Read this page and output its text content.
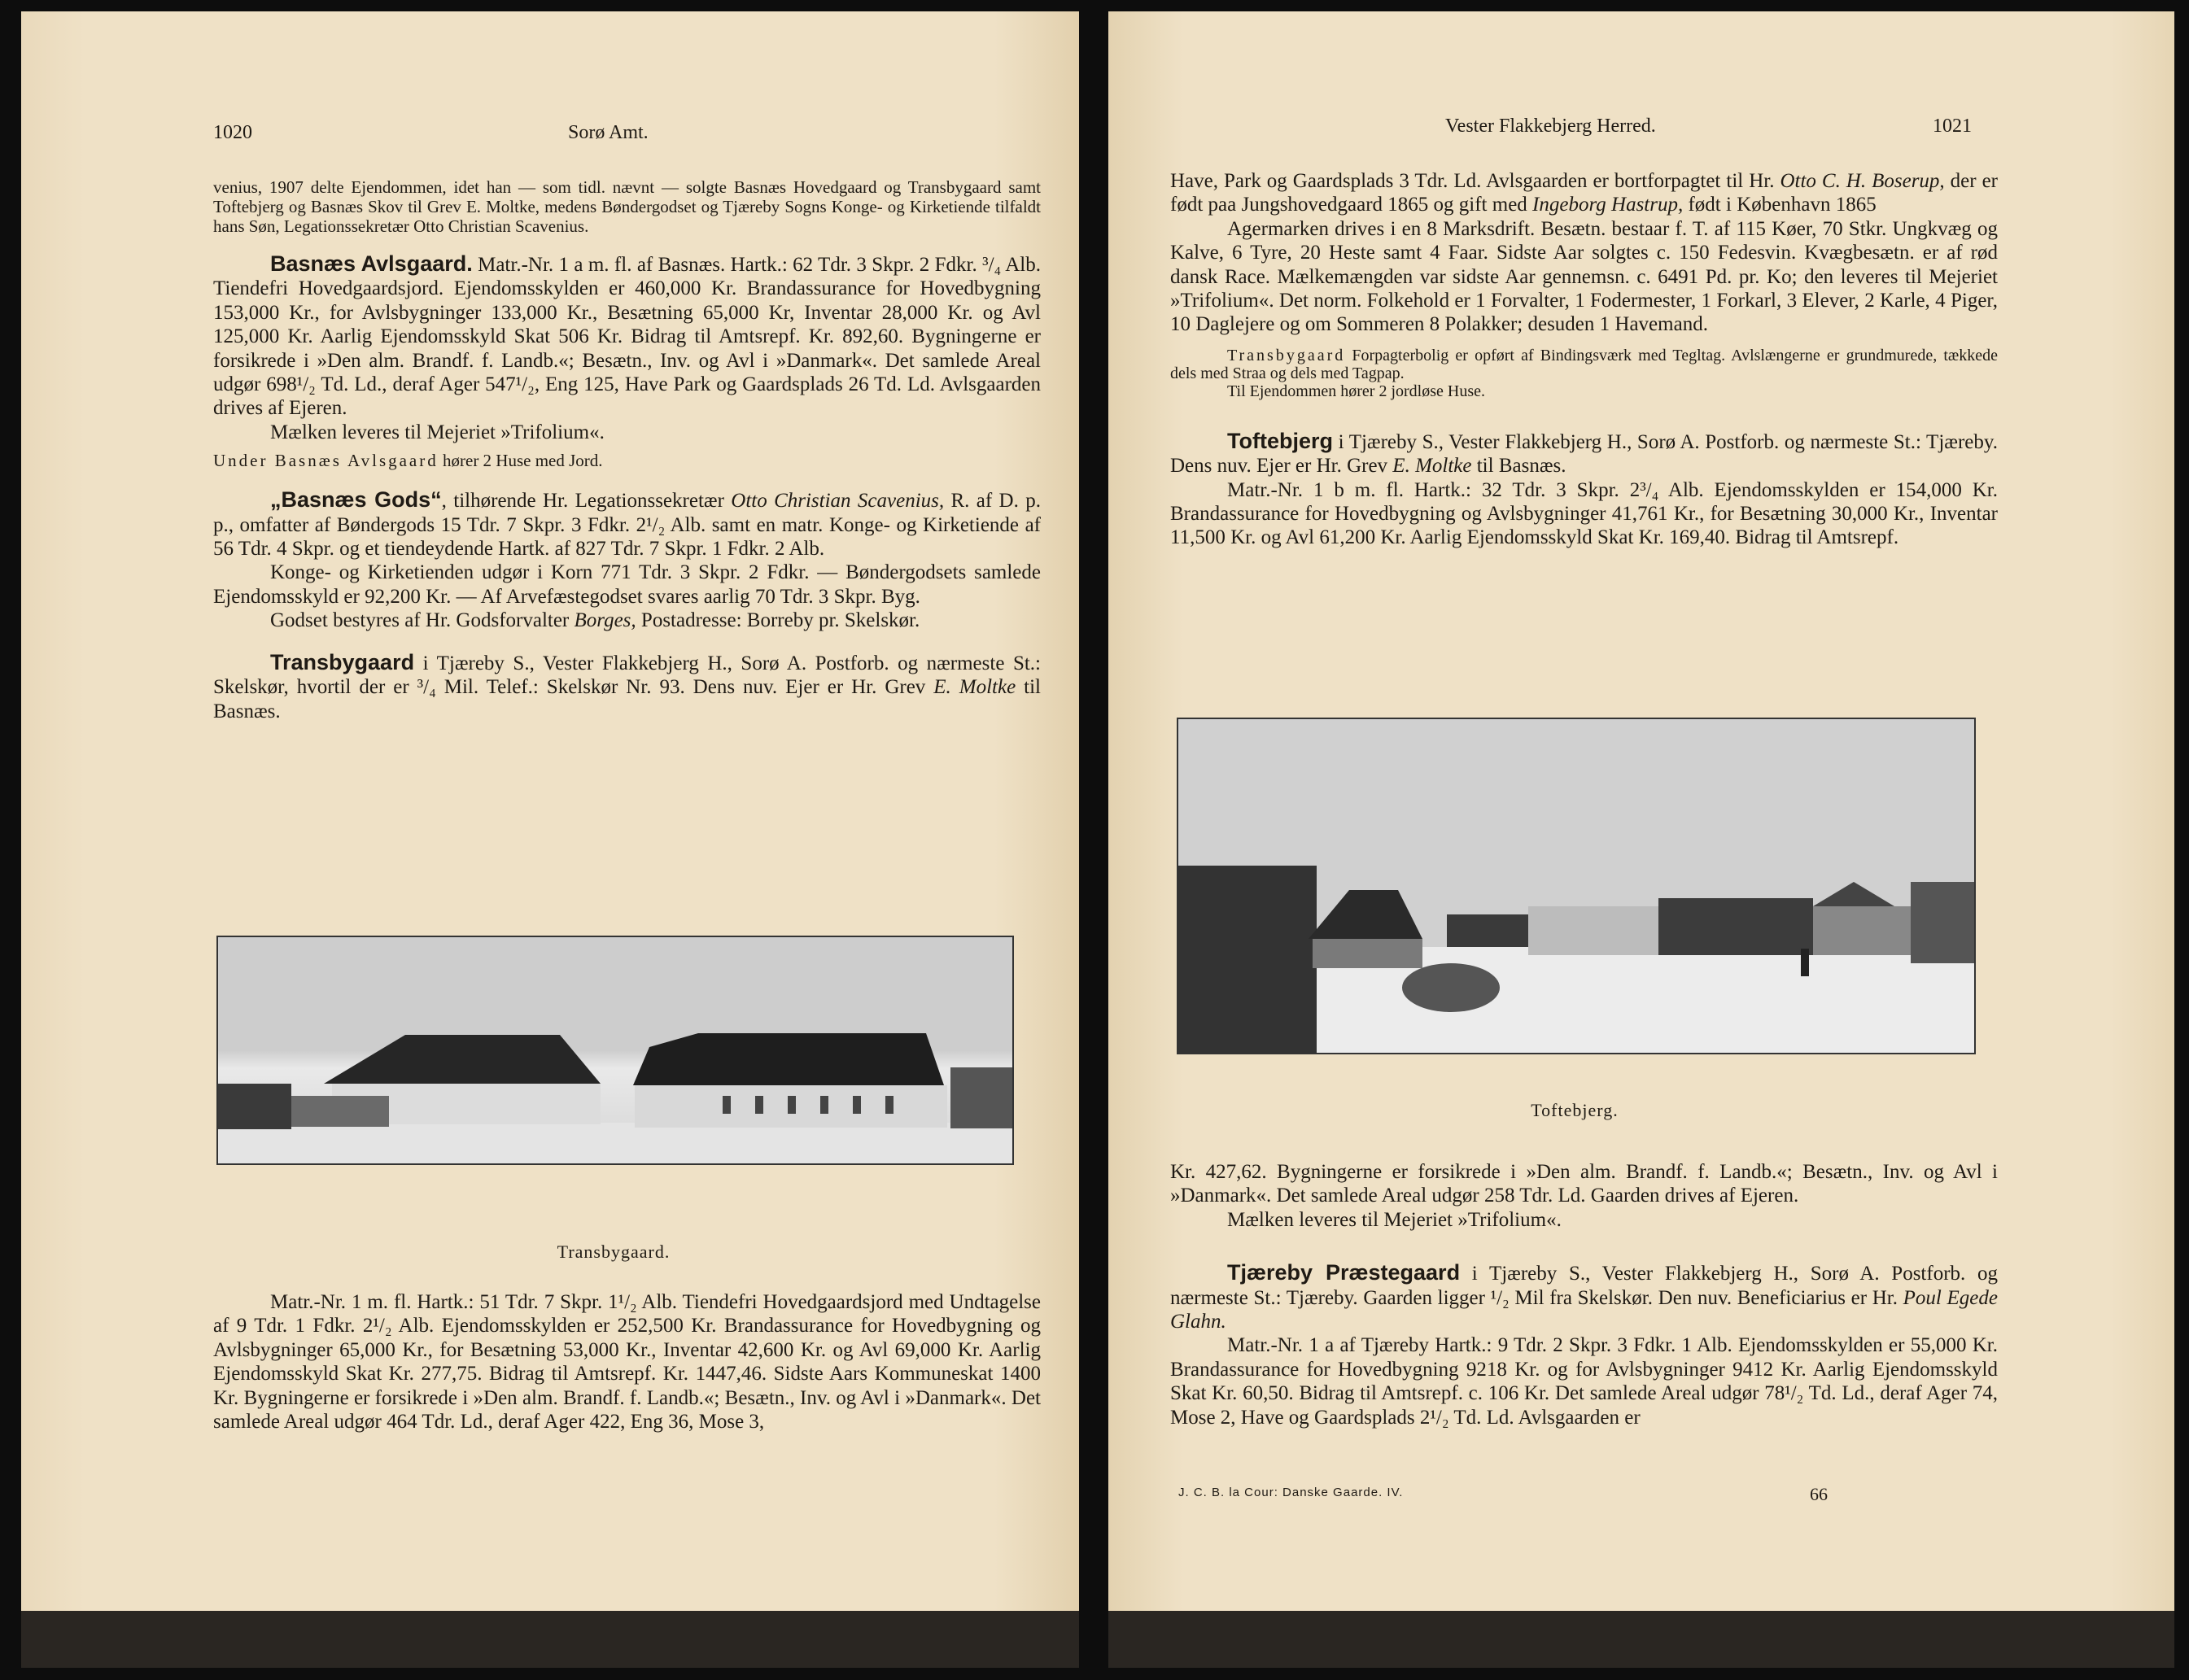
1020	Sorø Amt.

venius, 1907 delte Ejendommen, idet han — som tidl. nævnt — solgte Basnæs Hovedgaard og Transbygaard samt Toftebjerg og Basnæs Skov til Grev E. Moltke, medens Bøndergodset og Tjæreby Sogns Konge- og Kirketiende tilfaldt hans Søn, Legationssekretær Otto Christian Scavenius.

Basnæs Avlsgaard. Matr.-Nr. 1 a m. fl. af Basnæs. Hartk.: 62 Tdr. 3 Skpr. 2 Fdkr. ³/₄ Alb. Tiendefri Hovedgaardsjord. Ejendomsskylden er 460,000 Kr. Brandassurance for Hovedbygning 153,000 Kr., for Avlsbygninger 133,000 Kr., Besætning 65,000 Kr, Inventar 28,000 Kr. og Avl 125,000 Kr. Aarlig Ejendomsskyld Skat 506 Kr. Bidrag til Amtsrepf. Kr. 892,60. Bygningerne er forsikrede i »Den alm. Brandf. f. Landb.«; Besætn., Inv. og Avl i »Danmark«. Det samlede Areal udgør 698¹/₂ Td. Ld., deraf Ager 547¹/₂, Eng 125, Have Park og Gaardsplads 26 Td. Ld. Avlsgaarden drives af Ejeren.

Mælken leveres til Mejeriet »Trifolium«.

Under Basnæs Avlsgaard hører 2 Huse med Jord.

„Basnæs Gods“, tilhørende Hr. Legationssekretær Otto Christian Scavenius, R. af D. p. p., omfatter af Bøndergods 15 Tdr. 7 Skpr. 3 Fdkr. 2¹/₂ Alb. samt en matr. Konge- og Kirketiende af 56 Tdr. 4 Skpr. og et tiendeydende Hartk. af 827 Tdr. 7 Skpr. 1 Fdkr. 2 Alb.

Konge- og Kirketienden udgør i Korn 771 Tdr. 3 Skpr. 2 Fdkr. — Bøndergodsets samlede Ejendomsskyld er 92,200 Kr. — Af Arvefæstegodset svares aarlig 70 Tdr. 3 Skpr. Byg.

Godset bestyres af Hr. Godsforvalter Borges, Postadresse: Borreby pr. Skelskør.

Transbygaard i Tjæreby S., Vester Flakkebjerg H., Sorø A. Postforb. og nærmeste St.: Skelskør, hvortil der er ³/₄ Mil. Telef.: Skelskør Nr. 93. Dens nuv. Ejer er Hr. Grev E. Moltke til Basnæs.

Transbygaard.

Matr.-Nr. 1 m. fl. Hartk.: 51 Tdr. 7 Skpr. 1¹/₂ Alb. Tiendefri Hovedgaardsjord med Undtagelse af 9 Tdr. 1 Fdkr. 2¹/₂ Alb. Ejendomsskylden er 252,500 Kr. Brandassurance for Hovedbygning og Avlsbygninger 65,000 Kr., for Besætning 53,000 Kr., Inventar 42,600 Kr. og Avl 69,000 Kr. Aarlig Ejendomsskyld Skat Kr. 277,75. Bidrag til Amtsrepf. Kr. 1447,46. Sidste Aars Kommuneskat 1400 Kr. Bygningerne er forsikrede i »Den alm. Brandf. f. Landb.«; Besætn., Inv. og Avl i »Danmark«. Det samlede Areal udgør 464 Tdr. Ld., deraf Ager 422, Eng 36, Mose 3,

Vester Flakkebjerg Herred.	1021

Have, Park og Gaardsplads 3 Tdr. Ld. Avlsgaarden er bortforpagtet til Hr. Otto C. H. Boserup, der er født paa Jungshovedgaard 1865 og gift med Ingeborg Hastrup, født i København 1865

Agermarken drives i en 8 Marksdrift. Besætn. bestaar f. T. af 115 Køer, 70 Stkr. Ungkvæg og Kalve, 6 Tyre, 20 Heste samt 4 Faar. Sidste Aar solgtes c. 150 Fedesvin. Kvægbesætn. er af rød dansk Race. Mælkemængden var sidste Aar gennemsn. c. 6491 Pd. pr. Ko; den leveres til Mejeriet »Trifolium«. Det norm. Folkehold er 1 Forvalter, 1 Fodermester, 1 Forkarl, 3 Elever, 2 Karle, 4 Piger, 10 Daglejere og om Sommeren 8 Polakker; desuden 1 Havemand.

Transbygaard Forpagterbolig er opført af Bindingsværk med Tegltag. Avlslængerne er grundmurede, tækkede dels med Straa og dels med Tagpap.

Til Ejendommen hører 2 jordløse Huse.

Toftebjerg i Tjæreby S., Vester Flakkebjerg H., Sorø A. Postforb. og nærmeste St.: Tjæreby. Dens nuv. Ejer er Hr. Grev E. Moltke til Basnæs.

Matr.-Nr. 1 b m. fl. Hartk.: 32 Tdr. 3 Skpr. 2³/₄ Alb. Ejendomsskylden er 154,000 Kr. Brandassurance for Hovedbygning og Avlsbygninger 41,761 Kr., for Besætning 30,000 Kr., Inventar 11,500 Kr. og Avl 61,200 Kr. Aarlig Ejendomsskyld Skat Kr. 169,40. Bidrag til Amtsrepf.

Toftebjerg.

Kr. 427,62. Bygningerne er forsikrede i »Den alm. Brandf. f. Landb.«; Besætn., Inv. og Avl i »Danmark«. Det samlede Areal udgør 258 Tdr. Ld. Gaarden drives af Ejeren.

Mælken leveres til Mejeriet »Trifolium«.

Tjæreby Præstegaard i Tjæreby S., Vester Flakkebjerg H., Sorø A. Postforb. og nærmeste St.: Tjæreby. Gaarden ligger ¹/₂ Mil fra Skelskør. Den nuv. Beneficiarius er Hr. Poul Egede Glahn.

Matr.-Nr. 1 a af Tjæreby Hartk.: 9 Tdr. 2 Skpr. 3 Fdkr. 1 Alb. Ejendomsskylden er 55,000 Kr. Brandassurance for Hovedbygning 9218 Kr. og for Avlsbygninger 9412 Kr. Aarlig Ejendomsskyld Skat Kr. 60,50. Bidrag til Amtsrepf. c. 106 Kr. Det samlede Areal udgør 78¹/₂ Td. Ld., deraf Ager 74, Mose 2, Have og Gaardsplads 2¹/₂ Td. Ld. Avlsgaarden er

J. C. B. la Cour: Danske Gaarde. IV.	66
